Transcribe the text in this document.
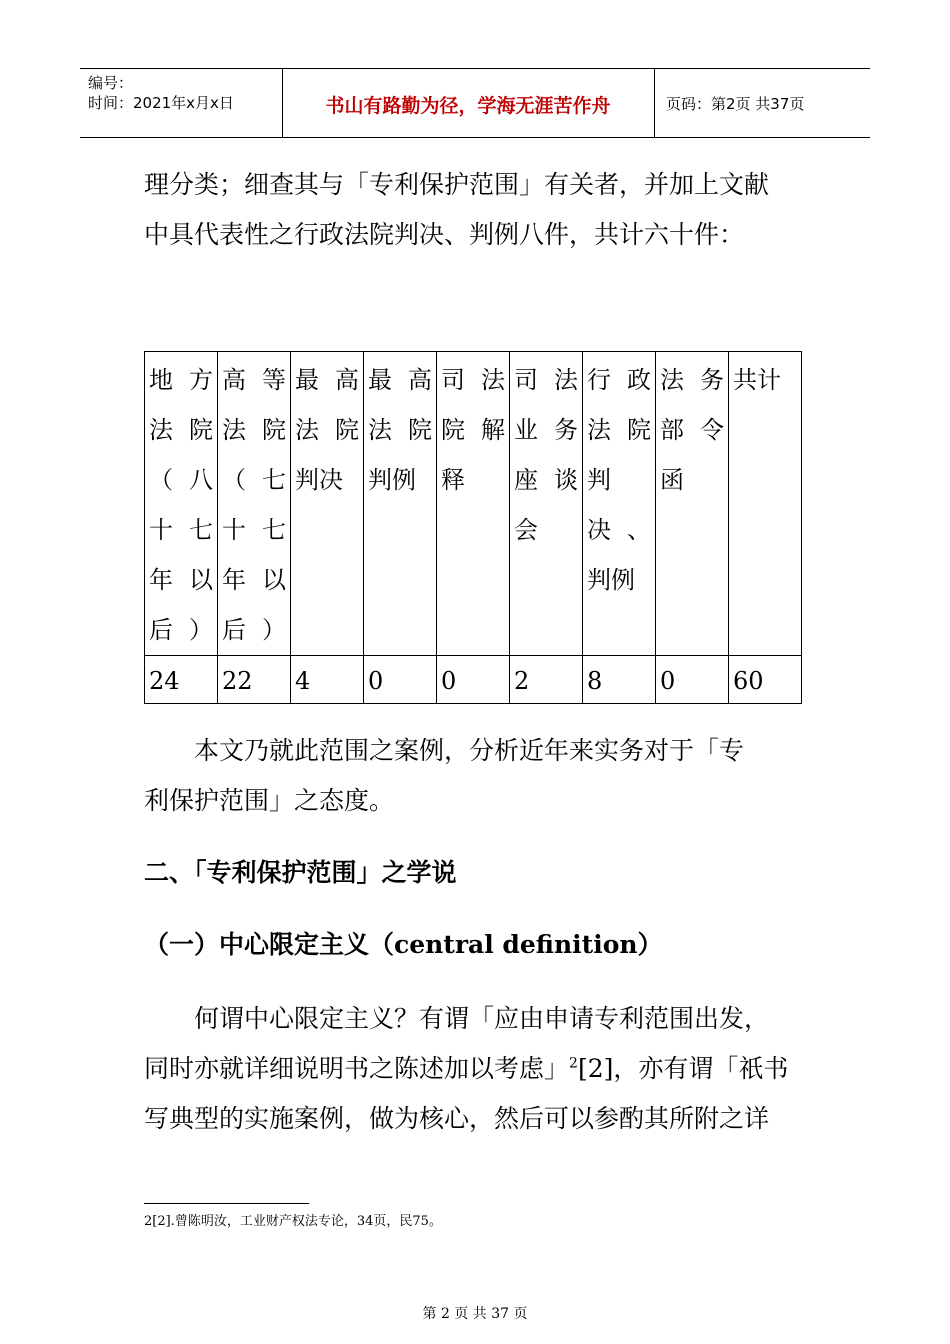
编号：
时间：2021年x月x日	书山有路勤为径，学海无涯苦作舟	页码：第2页 共37页
理分类；细查其与「专利保护范围」有关者，并加上文献
中具代表性之行政法院判决、判例八件，共计六十件：
地方法院（八十七年以后）	高等法院（七十七年以后）	最高法院判决	最高法院判例	司法院解释	司法业务座谈会	行政法院判决、判例	法务部令函	共计

24	22	4	0	0	2	8	0	60
　　本文乃就此范围之案例，分析近年来实务对于「专
利保护范围」之态度。
二、「专利保护范围」之学说
（一）中心限定主义（central definition）
　　何谓中心限定主义？有谓「应由申请专利范围出发，
同时亦就详细说明书之陈述加以考虑」$^2$[2]，亦有谓「祇书
写典型的实施案例，做为核心，然后可以参酌其所附之详
2[2].曾陈明汝，工业财产权法专论，34页，民75。
第 2 页 共 37 页
